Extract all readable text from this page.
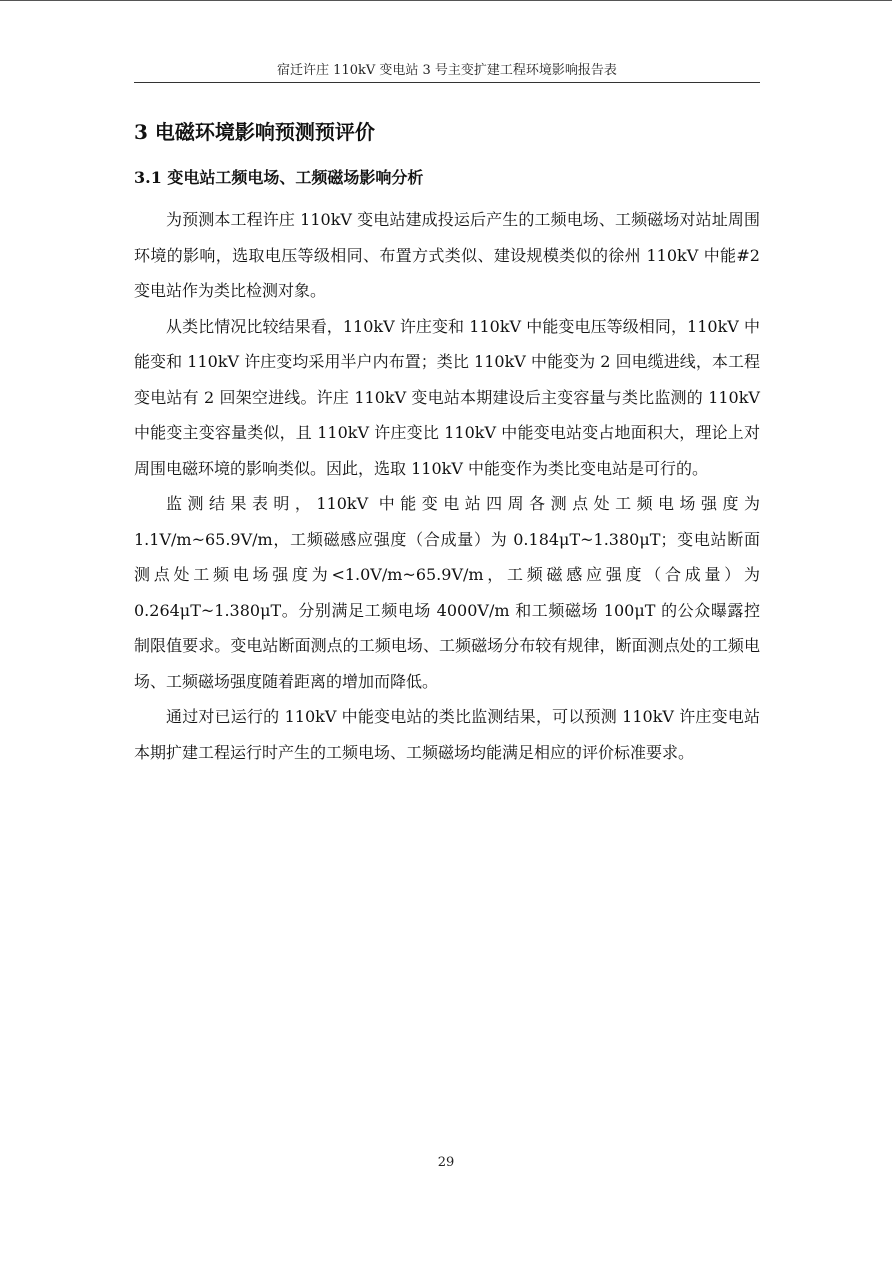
宿迁许庄 110kV 变电站 3 号主变扩建工程环境影响报告表
3 电磁环境影响预测预评价
3.1 变电站工频电场、工频磁场影响分析

为预测本工程许庄 110kV 变电站建成投运后产生的工频电场、工频磁场对站址周围环境的影响，选取电压等级相同、布置方式类似、建设规模类似的徐州 110kV 中能#2 变电站作为类比检测对象。

从类比情况比较结果看，110kV 许庄变和 110kV 中能变电压等级相同，110kV 中能变和 110kV 许庄变均采用半户内布置；类比 110kV 中能变为 2 回电缆进线，本工程变电站有 2 回架空进线。许庄 110kV 变电站本期建设后主变容量与类比监测的 110kV 中能变主变容量类似，且 110kV 许庄变比 110kV 中能变电站变占地面积大，理论上对周围电磁环境的影响类似。因此，选取 110kV 中能变作为类比变电站是可行的。

监测结果表明，110kV 中能变电站四周各测点处工频电场强度为 1.1V/m~65.9V/m，工频磁感应强度（合成量）为 0.184μT~1.380μT；变电站断面测点处工频电场强度为<1.0V/m~65.9V/m，工频磁感应强度（合成量）为 0.264μT~1.380μT。分别满足工频电场 4000V/m 和工频磁场 100μT 的公众曝露控制限值要求。变电站断面测点的工频电场、工频磁场分布较有规律，断面测点处的工频电场、工频磁场强度随着距离的增加而降低。

通过对已运行的 110kV 中能变电站的类比监测结果，可以预测 110kV 许庄变电站本期扩建工程运行时产生的工频电场、工频磁场均能满足相应的评价标准要求。

29
